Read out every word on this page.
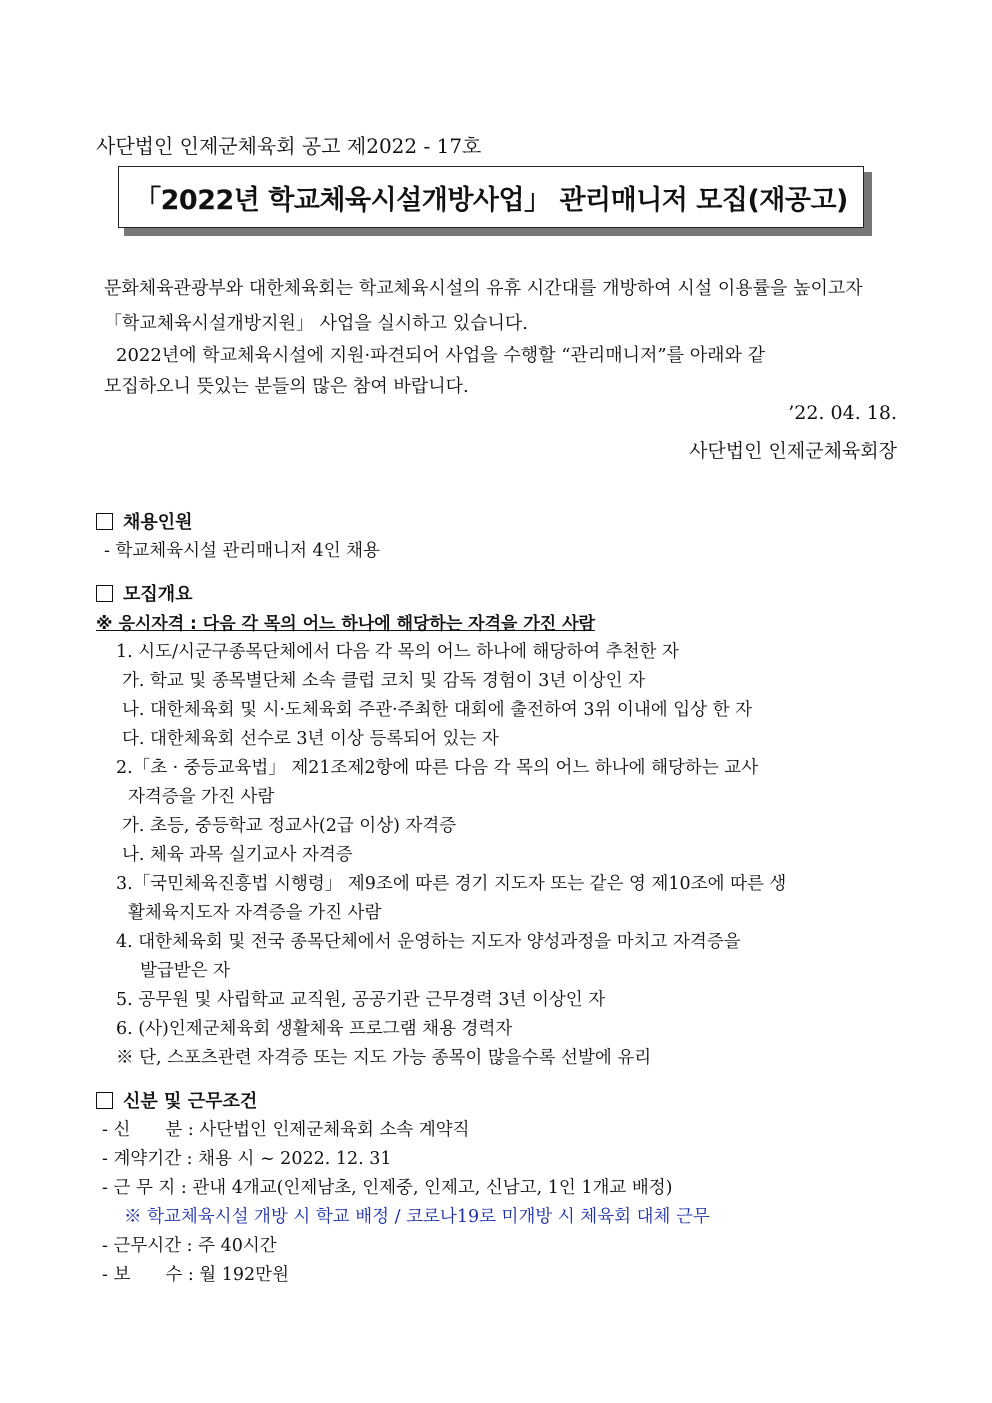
사단법인 인제군체육회 공고 제2022 - 17호
「2022년 학교체육시설개방사업」 관리매니저 모집(재공고)
문화체육관광부와 대한체육회는 학교체육시설의 유휴 시간대를 개방하여 시설 이용률을 높이고자
「학교체육시설개방지원」 사업을 실시하고 있습니다.
2022년에 학교체육시설에 지원·파견되어 사업을 수행할 “관리매니저”를 아래와 같
모집하오니 뜻있는 분들의 많은 참여 바랍니다.
’22. 04. 18.
사단법인 인제군체육회장
채용인원
- 학교체육시설 관리매니저 4인 채용
모집개요
※ 응시자격 : 다음 각 목의 어느 하나에 해당하는 자격을 가진 사람
1. 시도/시군구종목단체에서 다음 각 목의 어느 하나에 해당하여 추천한 자
가. 학교 및 종목별단체 소속 클럽 코치 및 감독 경험이 3년 이상인 자
나. 대한체육회 및 시·도체육회 주관·주최한 대회에 출전하여 3위 이내에 입상 한 자
다. 대한체육회 선수로 3년 이상 등록되어 있는 자
2.「초 · 중등교육법」 제21조제2항에 따른 다음 각 목의 어느 하나에 해당하는 교사
자격증을 가진 사람
가. 초등, 중등학교 정교사(2급 이상) 자격증
나. 체육 과목 실기교사 자격증
3.「국민체육진흥법 시행령」 제9조에 따른 경기 지도자 또는 같은 영 제10조에 따른 생
활체육지도자 자격증을 가진 사람
4. 대한체육회 및 전국 종목단체에서 운영하는 지도자 양성과정을 마치고 자격증을
발급받은 자
5. 공무원 및 사립학교 교직원, 공공기관 근무경력 3년 이상인 자
6. (사)인제군체육회 생활체육 프로그램 채용 경력자
※ 단, 스포츠관련 자격증 또는 지도 가능 종목이 많을수록 선발에 유리
신분 및 근무조건
- 신　　분 : 사단법인 인제군체육회 소속 계약직
- 계약기간 : 채용 시 ~ 2022. 12. 31
- 근 무 지 : 관내 4개교(인제남초, 인제중, 인제고, 신남고, 1인 1개교 배정)
※ 학교체육시설 개방 시 학교 배정 / 코로나19로 미개방 시 체육회 대체 근무
- 근무시간 : 주 40시간
- 보　　수 : 월 192만원
